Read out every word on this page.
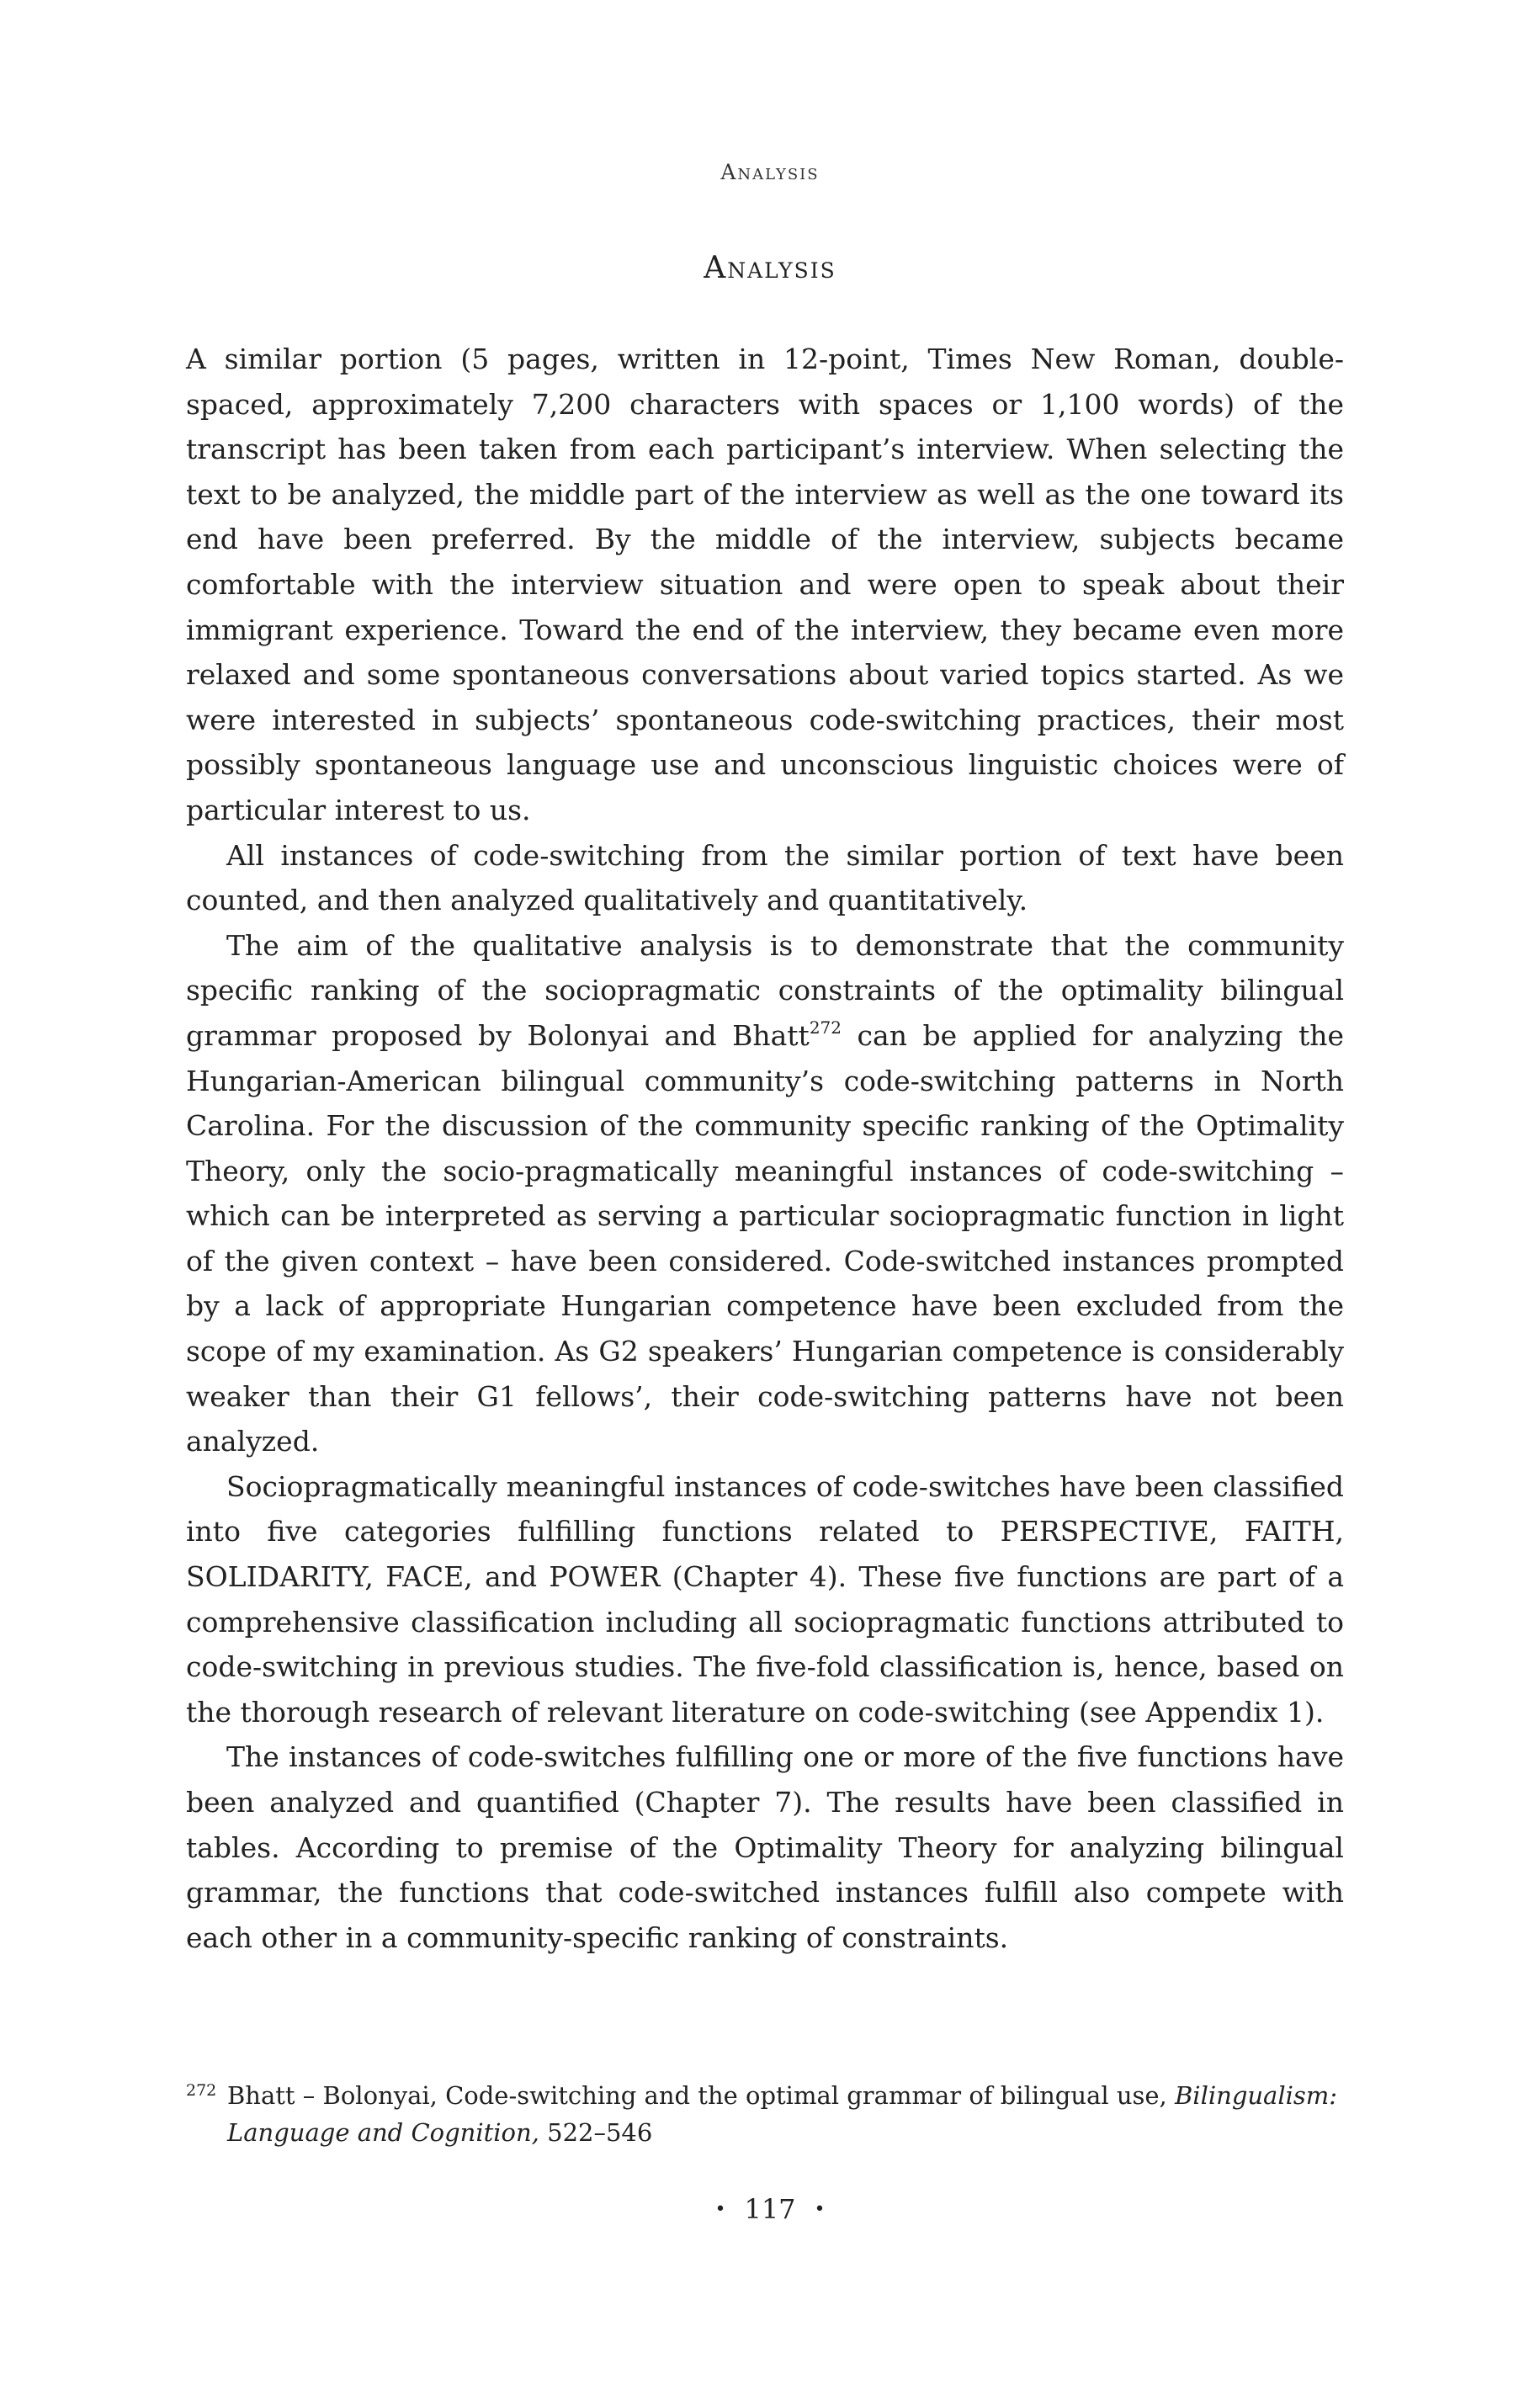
Analysis
Analysis

A similar portion (5 pages, written in 12-point, Times New Roman, double-spaced, approximately 7,200 characters with spaces or 1,100 words) of the transcript has been taken from each participant’s interview. When selecting the text to be analyzed, the middle part of the interview as well as the one toward its end have been preferred. By the middle of the interview, subjects became comfortable with the interview situation and were open to speak about their immigrant experience. Toward the end of the interview, they became even more relaxed and some spontaneous conversations about varied topics started. As we were interested in subjects’ spontaneous code-switching practices, their most possibly spontaneous language use and unconscious linguistic choices were of particular interest to us.

All instances of code-switching from the similar portion of text have been counted, and then analyzed qualitatively and quantitatively.

The aim of the qualitative analysis is to demonstrate that the community specific ranking of the sociopragmatic constraints of the optimality bilingual grammar proposed by Bolonyai and Bhatt$^{272}$ can be applied for analyzing the Hungarian-American bilingual community’s code-switching patterns in North Carolina. For the discussion of the community specific ranking of the Optimality Theory, only the socio-pragmatically meaningful instances of code-switching – which can be interpreted as serving a particular sociopragmatic function in light of the given context – have been considered. Code-switched instances prompted by a lack of appropriate Hungarian competence have been excluded from the scope of my examination. As G2 speakers’ Hungarian competence is considerably weaker than their G1 fellows’, their code-switching patterns have not been analyzed.

Sociopragmatically meaningful instances of code-switches have been classified into five categories fulfilling functions related to PERSPECTIVE, FAITH, SOLIDARITY, FACE, and POWER (Chapter 4). These five functions are part of a comprehensive classification including all sociopragmatic functions attributed to code-switching in previous studies. The five-fold classification is, hence, based on the thorough research of relevant literature on code-switching (see Appendix 1).

The instances of code-switches fulfilling one or more of the five functions have been analyzed and quantified (Chapter 7). The results have been classified in tables. According to premise of the Optimality Theory for analyzing bilingual grammar, the functions that code-switched instances fulfill also compete with each other in a community-specific ranking of constraints.

272 Bhatt – Bolonyai, Code-switching and the optimal grammar of bilingual use, Bilingualism: Language and Cognition, 522–546
• 117 •
